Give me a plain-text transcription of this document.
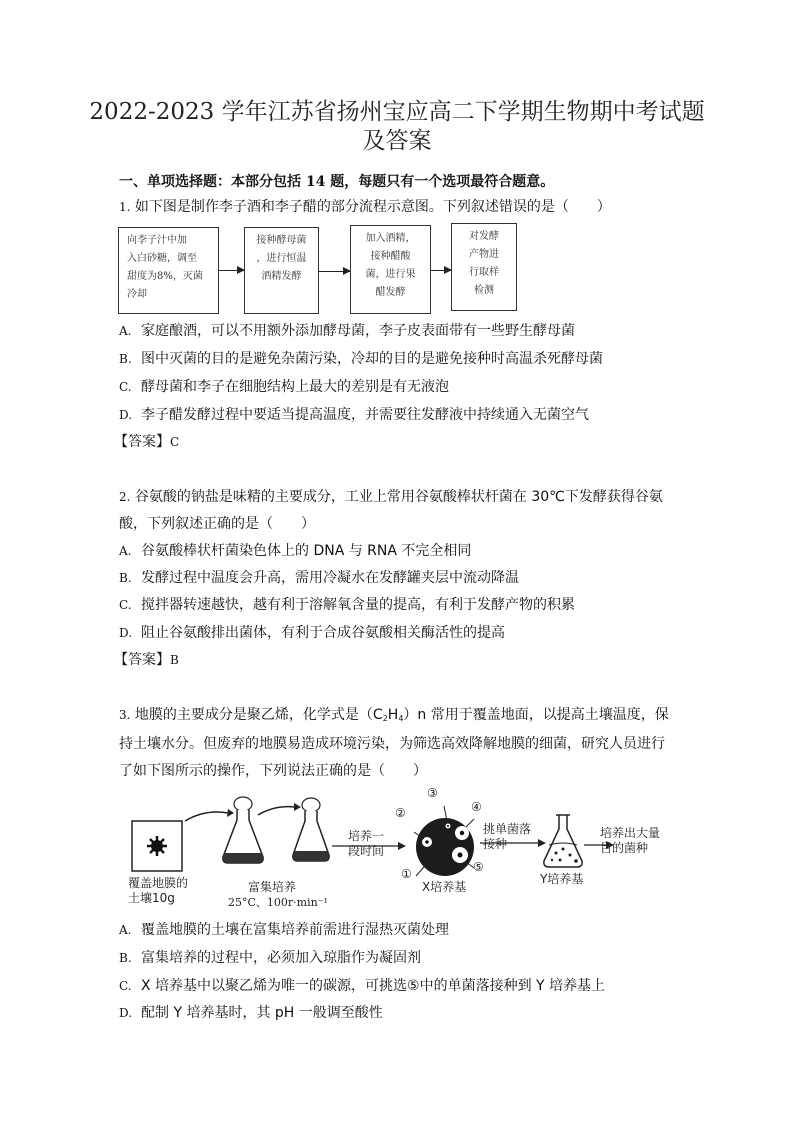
2022-2023 学年江苏省扬州宝应高二下学期生物期中考试题
及答案
一、单项选择题：本部分包括 14 题，每题只有一个选项最符合题意。
1. 如下图是制作李子酒和李子醋的部分流程示意图。下列叙述错误的是（　　）
向李子汁中加
入白砂糖，调至
甜度为8%，灭菌
冷却
接种酵母菌
，进行恒温
酒精发酵
加入酒精，
接种醋酸
菌，进行果
醋发酵
对发酵
产物进
行取样
检测
A. 家庭酿酒，可以不用额外添加酵母菌，李子皮表面带有一些野生酵母菌
B. 图中灭菌的目的是避免杂菌污染，冷却的目的是避免接种时高温杀死酵母菌
C. 酵母菌和李子在细胞结构上最大的差别是有无液泡
D. 李子醋发酵过程中要适当提高温度，并需要往发酵液中持续通入无菌空气
【答案】C
2. 谷氨酸的钠盐是味精的主要成分，工业上常用谷氨酸棒状杆菌在 30℃下发酵获得谷氨
酸，下列叙述正确的是（　　）
A. 谷氨酸棒状杆菌染色体上的 DNA 与 RNA 不完全相同
B. 发酵过程中温度会升高，需用冷凝水在发酵罐夹层中流动降温
C. 搅拌器转速越快，越有利于溶解氧含量的提高，有利于发酵产物的积累
D. 阻止谷氨酸排出菌体，有利于合成谷氨酸相关酶活性的提高
【答案】B
3. 地膜的主要成分是聚乙烯，化学式是$(C_2H_4)n$ 常用于覆盖地面，以提高土壤温度，保
持土壤水分。但废弃的地膜易造成环境污染，为筛选高效降解地膜的细菌，研究人员进行
了如下图所示的操作，下列说法正确的是（　　）
覆盖地膜的
土壤10g
富集培养
25°C、100r·min⁻¹
培养一
段时间
②
③
④
⑤
①
X培养基
挑单菌落
接种
Y培养基
培养出大量
目的菌种
A. 覆盖地膜的土壤在富集培养前需进行湿热灭菌处理
B. 富集培养的过程中，必须加入琼脂作为凝固剂
C. X 培养基中以聚乙烯为唯一的碳源，可挑选⑤中的单菌落接种到 Y 培养基上
D. 配制 Y 培养基时，其 pH 一般调至酸性
